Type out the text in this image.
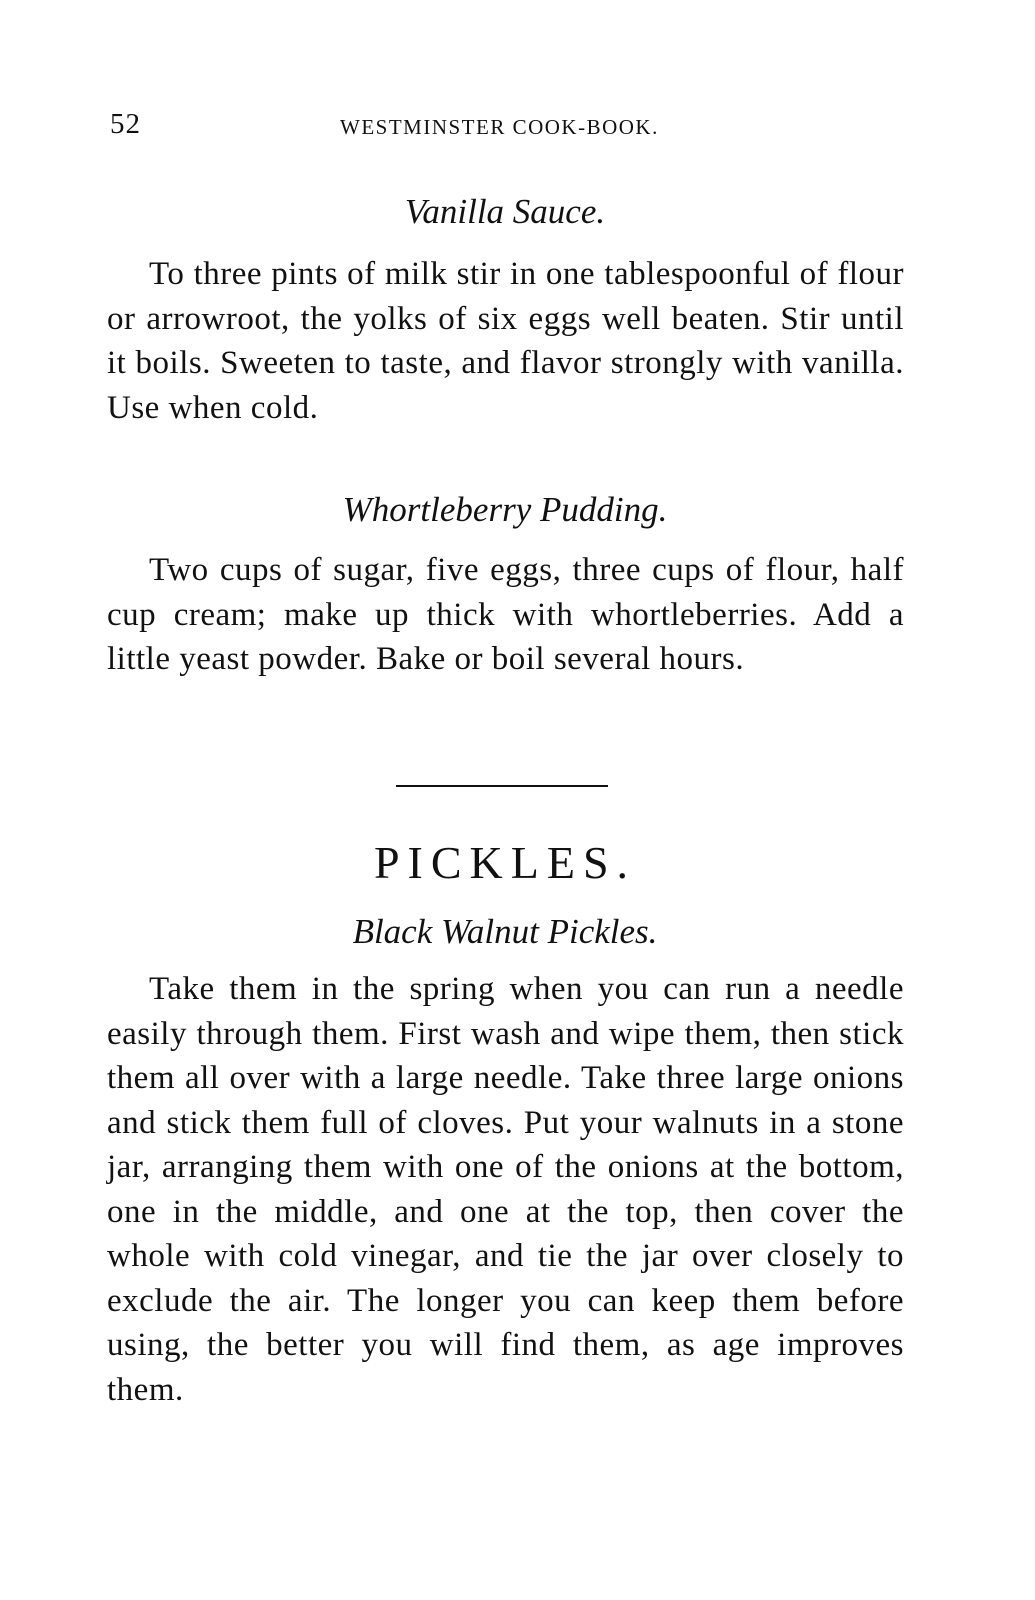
52	WESTMINSTER COOK-BOOK.
Vanilla Sauce.

To three pints of milk stir in one tablespoonful of flour or arrowroot, the yolks of six eggs well beaten. Stir until it boils. Sweeten to taste, and flavor strongly with vanilla. Use when cold.

Whortleberry Pudding.

Two cups of sugar, five eggs, three cups of flour, half cup cream; make up thick with whortleberries. Add a little yeast powder. Bake or boil several hours.

PICKLES.
Black Walnut Pickles.

Take them in the spring when you can run a needle easily through them. First wash and wipe them, then stick them all over with a large needle. Take three large onions and stick them full of cloves. Put your walnuts in a stone jar, arranging them with one of the onions at the bottom, one in the middle, and one at the top, then cover the whole with cold vinegar, and tie the jar over closely to exclude the air. The longer you can keep them before using, the better you will find them, as age improves them.
